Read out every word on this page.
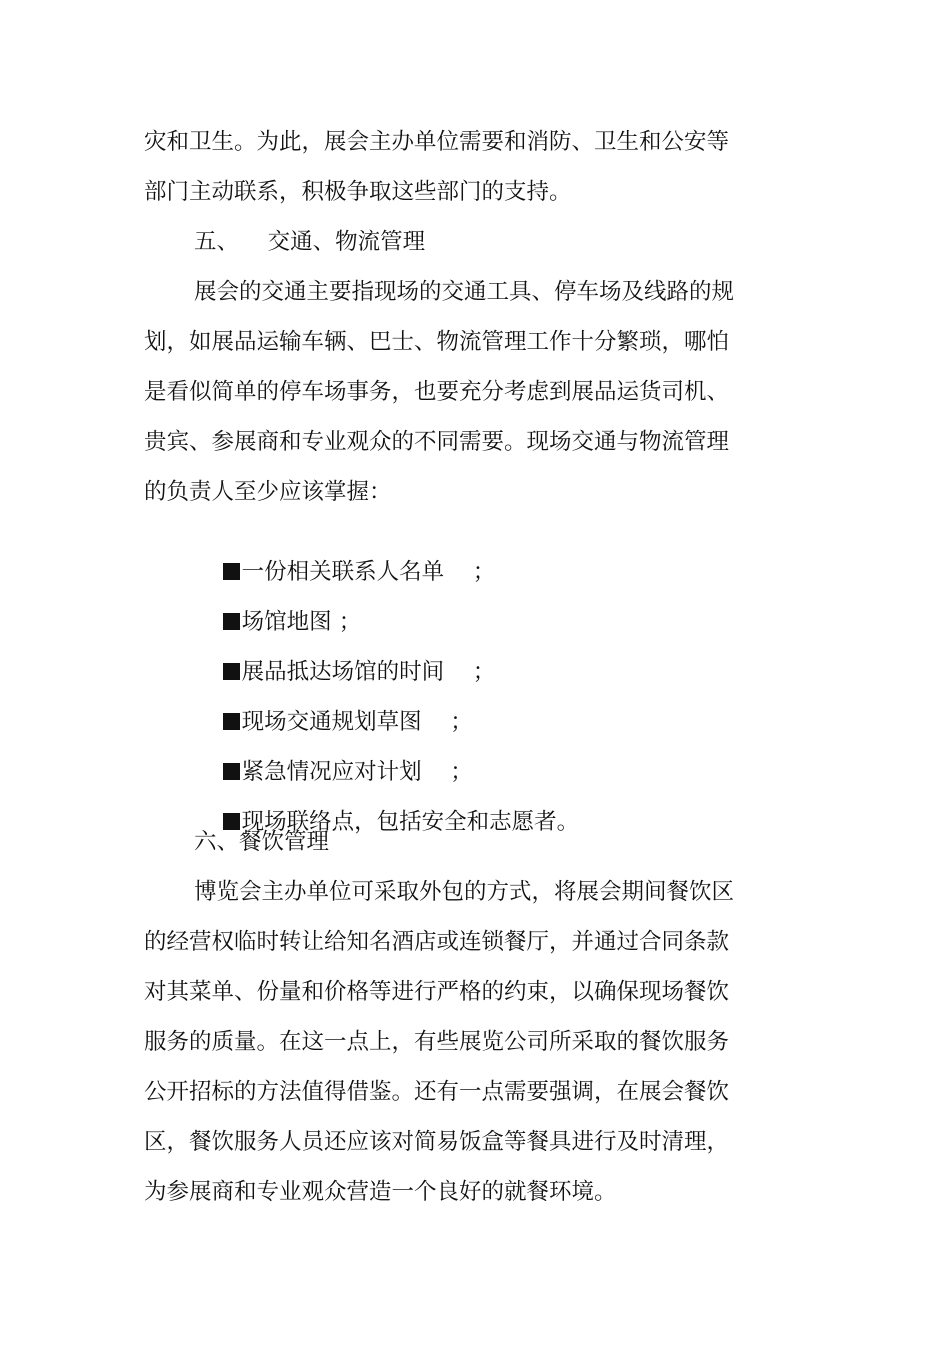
灾和卫生。为此，展会主办单位需要和消防、卫生和公安等
部门主动联系，积极争取这些部门的支持。
五、    交通、物流管理
展会的交通主要指现场的交通工具、停车场及线路的规
划，如展品运输车辆、巴士、物流管理工作十分繁琐，哪怕
是看似简单的停车场事务，也要充分考虑到展品运货司机、
贵宾、参展商和专业观众的不同需要。现场交通与物流管理
的负责人至少应该掌握：

一份相关联系人名单    ；

场馆地图 ；

展品抵达场馆的时间    ；

现场交通规划草图    ；

紧急情况应对计划    ；

现场联络点，包括安全和志愿者。

六、餐饮管理
博览会主办单位可采取外包的方式，将展会期间餐饮区
的经营权临时转让给知名酒店或连锁餐厅，并通过合同条款
对其菜单、份量和价格等进行严格的约束，以确保现场餐饮
服务的质量。在这一点上，有些展览公司所采取的餐饮服务
公开招标的方法值得借鉴。还有一点需要强调，在展会餐饮
区，餐饮服务人员还应该对简易饭盒等餐具进行及时清理，
为参展商和专业观众营造一个良好的就餐环境。
